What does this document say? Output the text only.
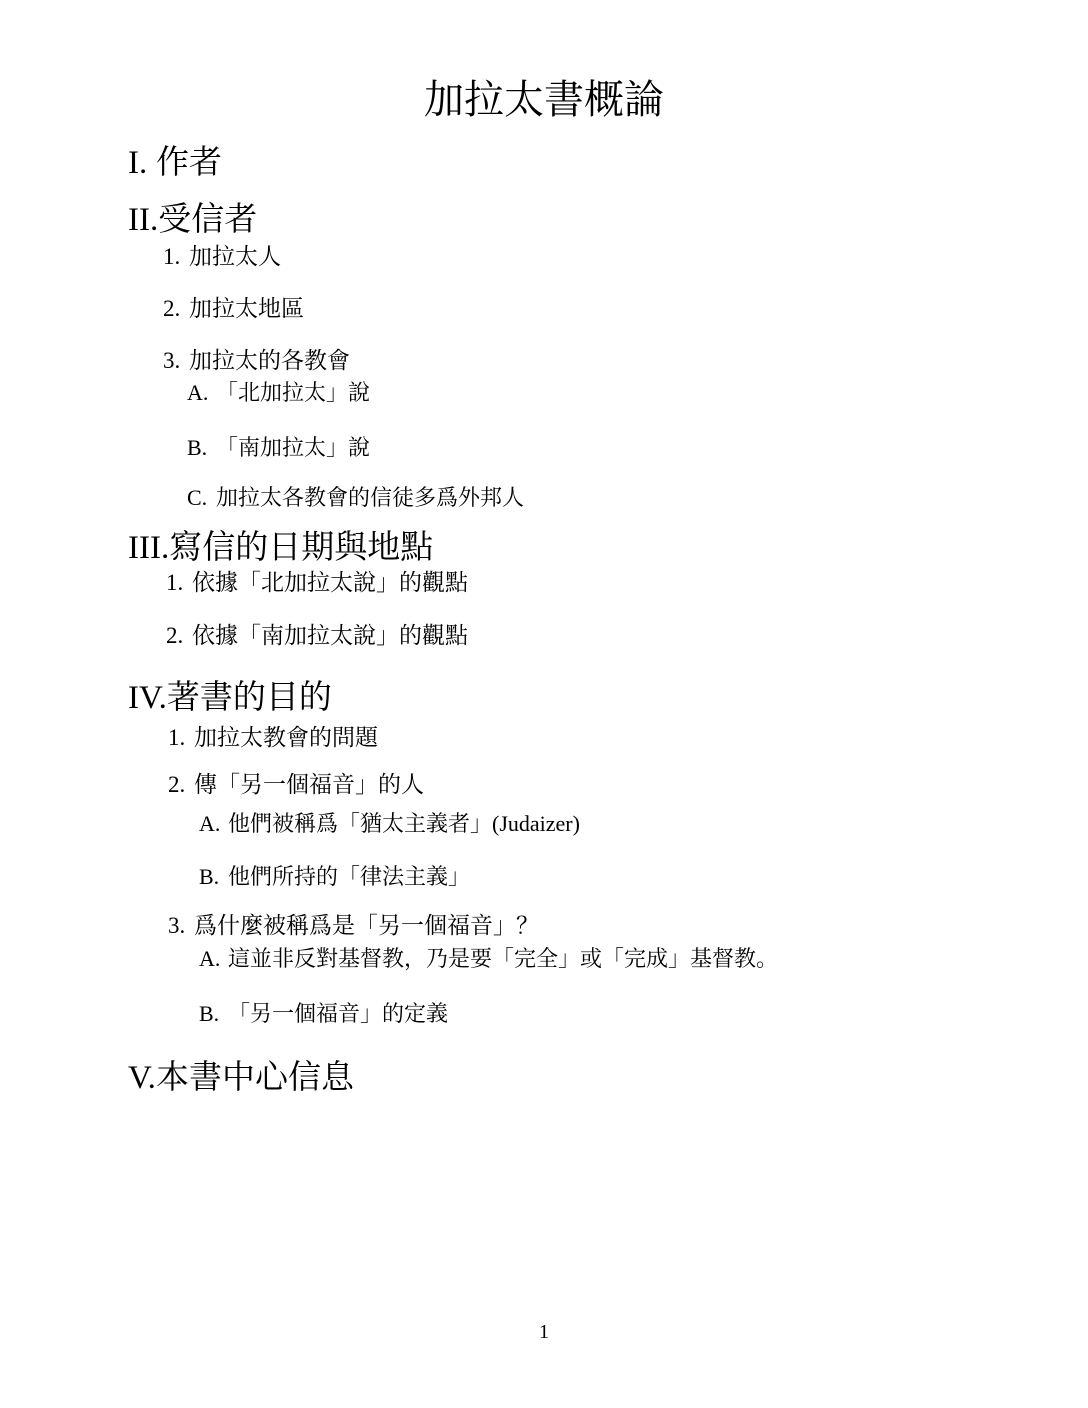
加拉太書概論
I. 作者
II.受信者
1. 加拉太人
2. 加拉太地區
3. 加拉太的各教會
A. 「北加拉太」說
B. 「南加拉太」說
C. 加拉太各教會的信徒多爲外邦人
III.寫信的日期與地點
1. 依據「北加拉太說」的觀點
2. 依據「南加拉太說」的觀點
IV.著書的目的
1. 加拉太教會的問題
2. 傳「另一個福音」的人
A. 他們被稱爲「猶太主義者」(Judaizer)
B. 他們所持的「律法主義」
3. 爲什麼被稱爲是「另一個福音」？
A. 這並非反對基督教，乃是要「完全」或「完成」基督教。
B. 「另一個福音」的定義
V.本書中心信息
1
